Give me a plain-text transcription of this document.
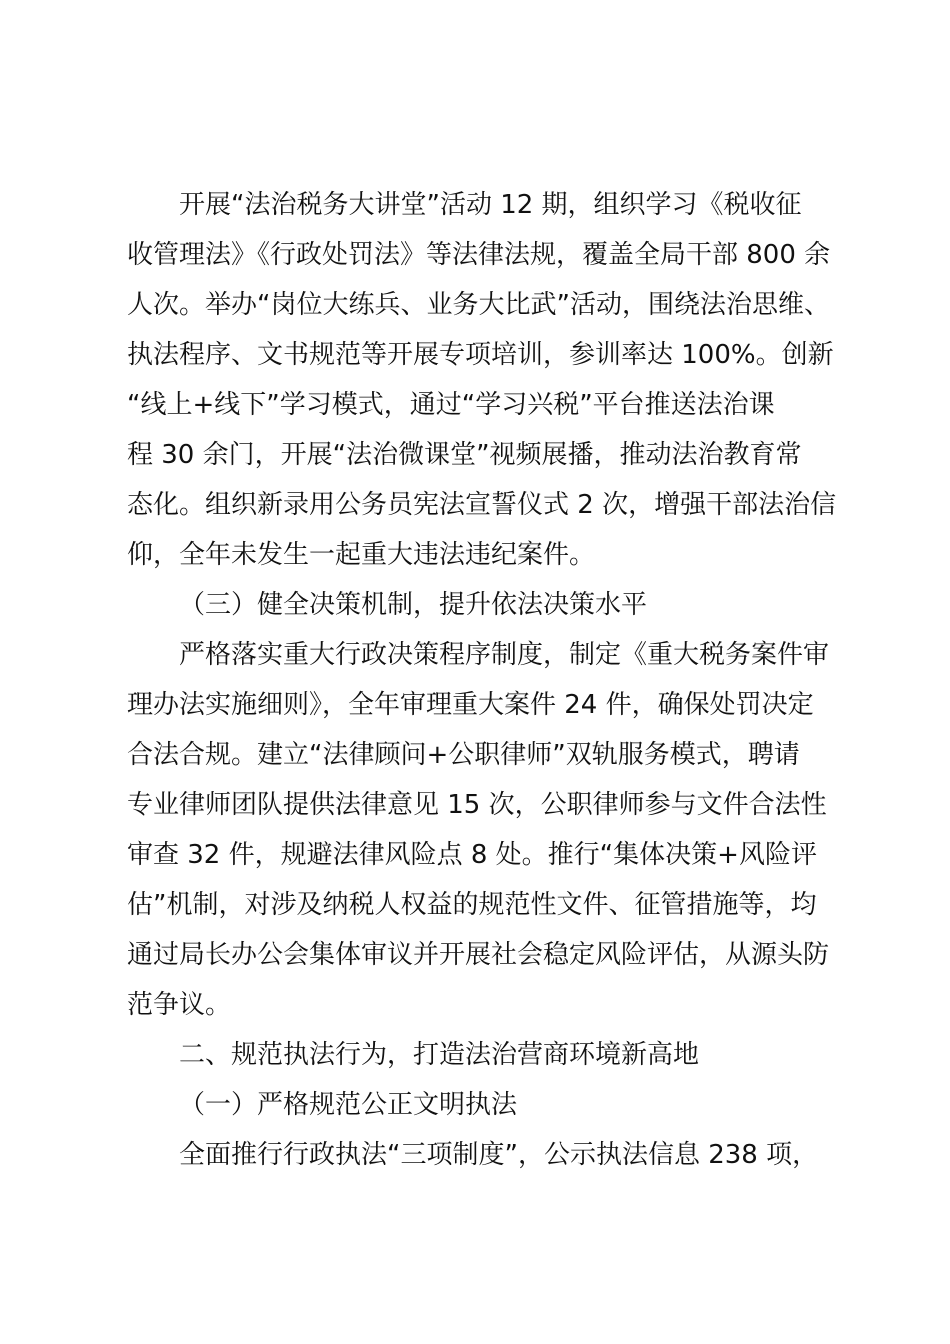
开展“法治税务大讲堂”活动 12 期，组织学习《税收征
收管理法》《行政处罚法》等法律法规，覆盖全局干部 800 余
人次。举办“岗位大练兵、业务大比武”活动，围绕法治思维、
执法程序、文书规范等开展专项培训，参训率达 100%。创新
“线上+线下”学习模式，通过“学习兴税”平台推送法治课
程 30 余门，开展“法治微课堂”视频展播，推动法治教育常
态化。组织新录用公务员宪法宣誓仪式 2 次，增强干部法治信
仰，全年未发生一起重大违法违纪案件。
（三）健全决策机制，提升依法决策水平
严格落实重大行政决策程序制度，制定《重大税务案件审
理办法实施细则》，全年审理重大案件 24 件，确保处罚决定
合法合规。建立“法律顾问+公职律师”双轨服务模式，聘请
专业律师团队提供法律意见 15 次，公职律师参与文件合法性
审查 32 件，规避法律风险点 8 处。推行“集体决策+风险评
估”机制，对涉及纳税人权益的规范性文件、征管措施等，均
通过局长办公会集体审议并开展社会稳定风险评估，从源头防
范争议。
二、规范执法行为，打造法治营商环境新高地
（一）严格规范公正文明执法
全面推行行政执法“三项制度”，公示执法信息 238 项，
